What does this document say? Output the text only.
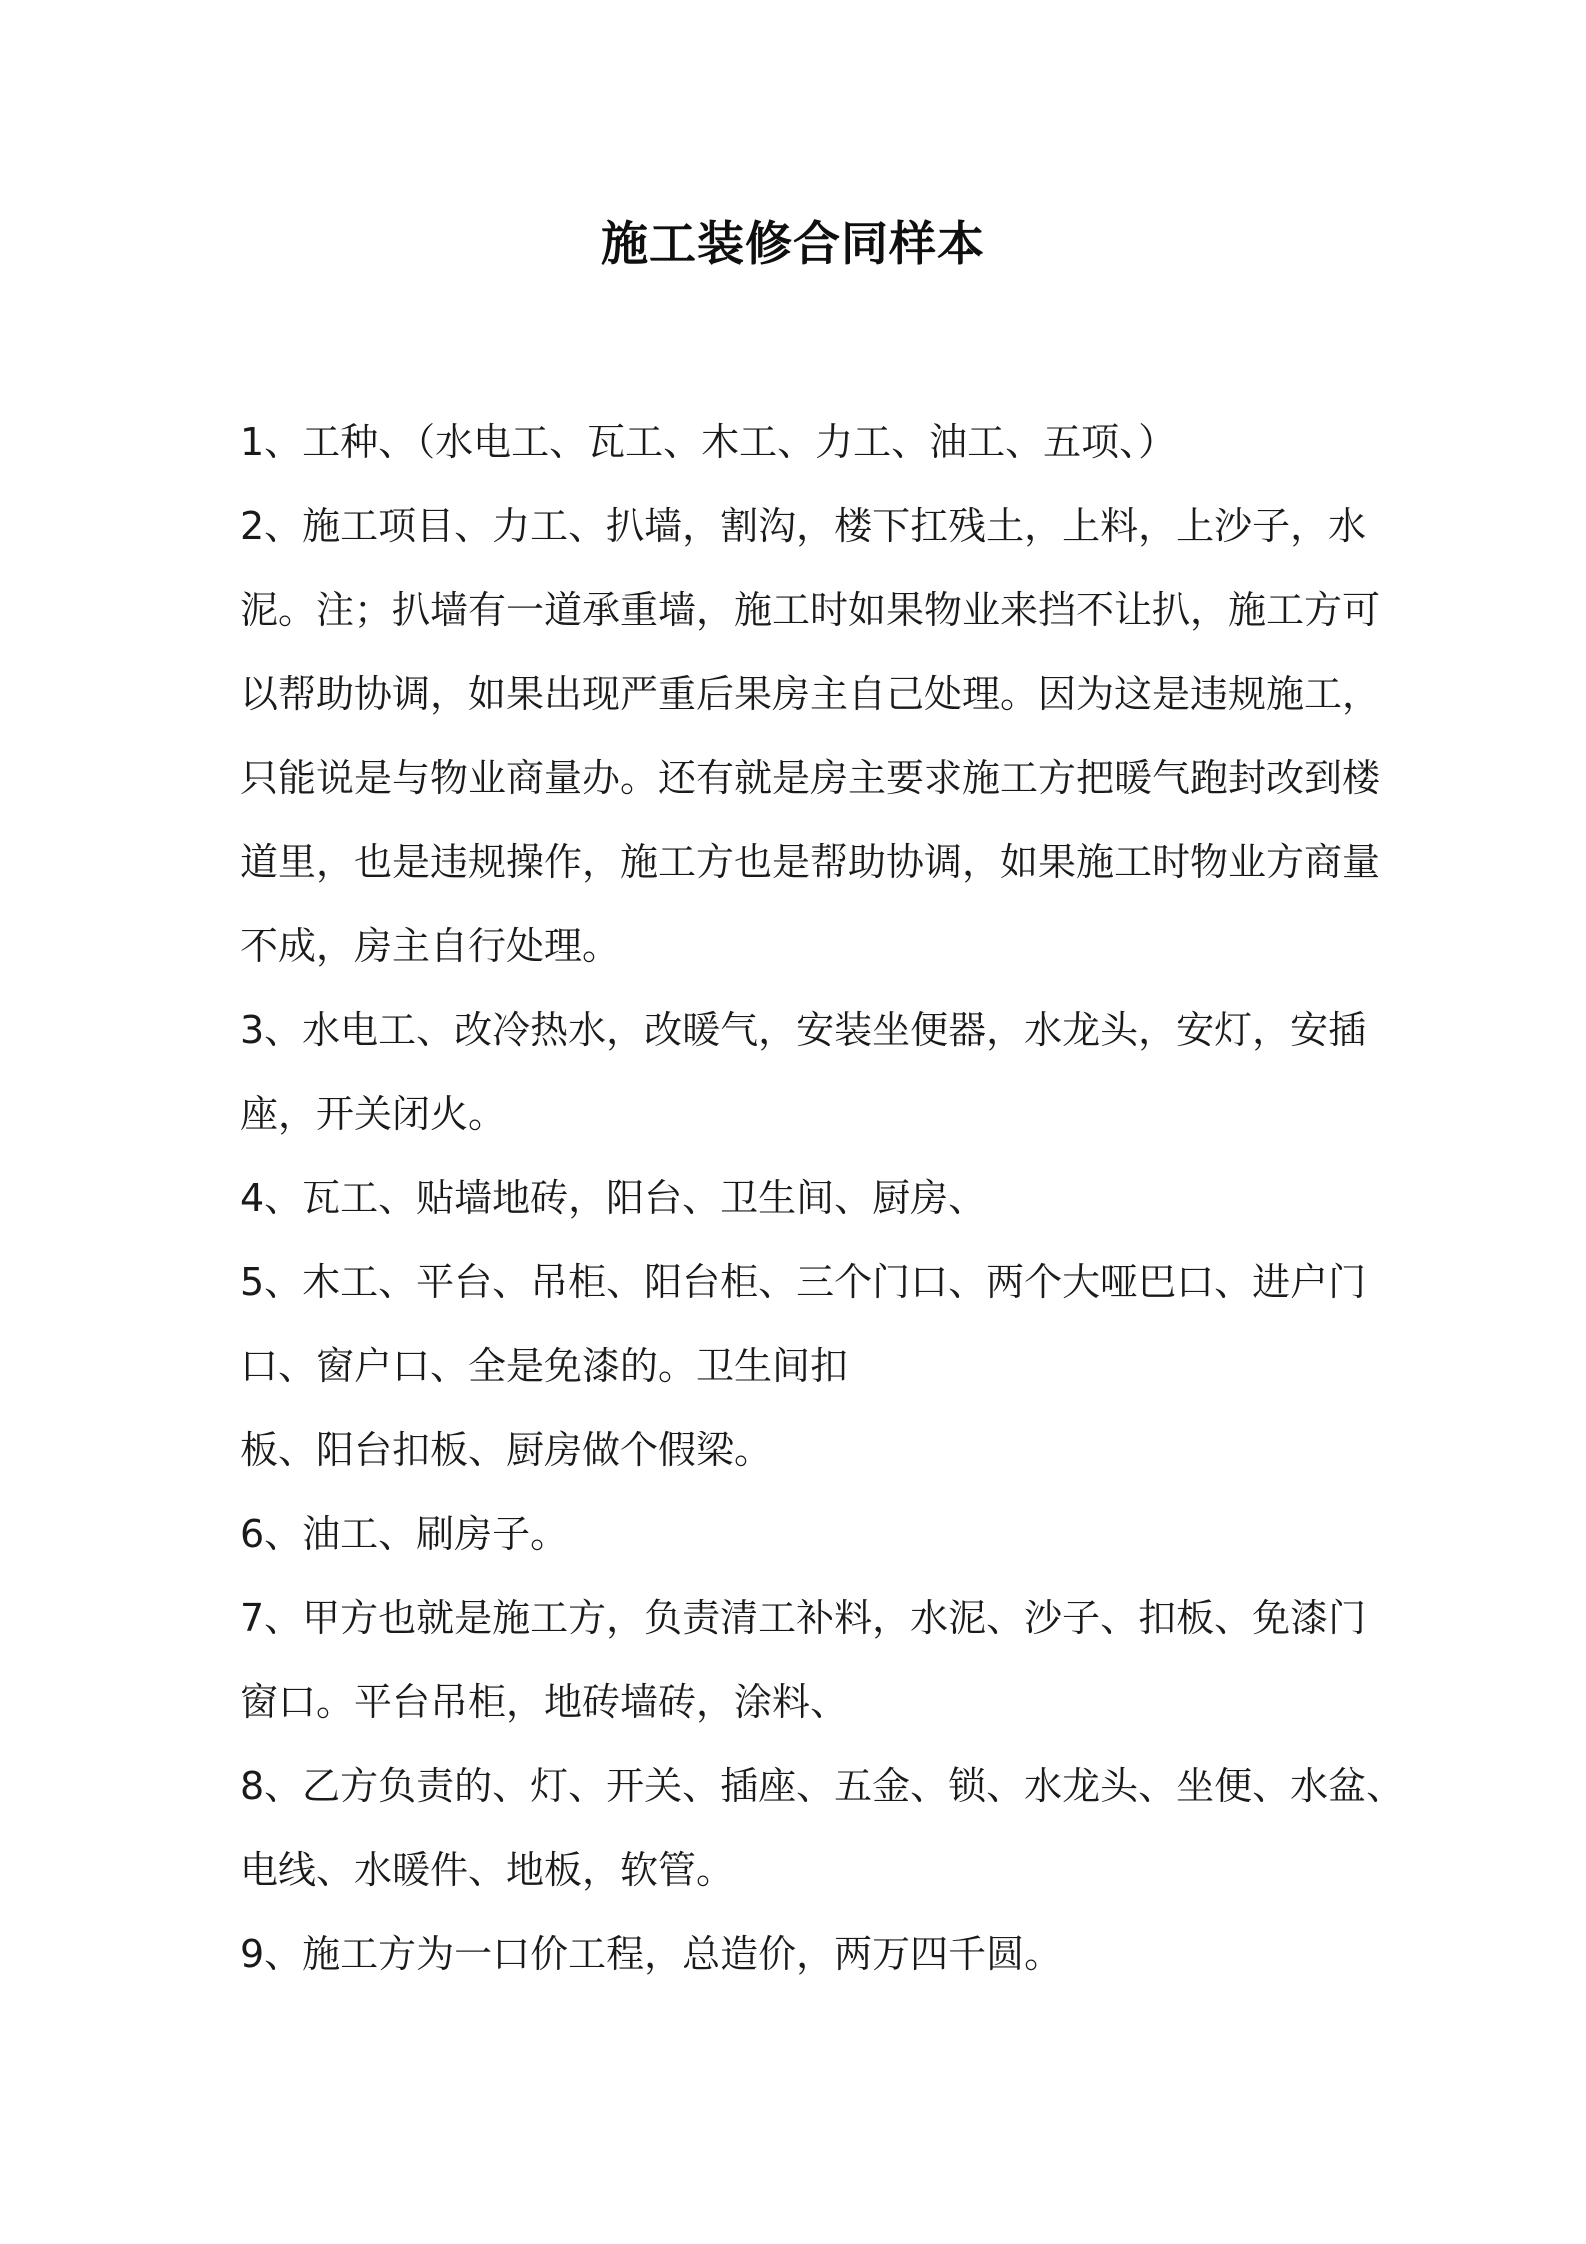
施工装修合同样本
1、工种、（水电工、瓦工、木工、力工、油工、五项、）
2、施工项目、力工、扒墙，割沟，楼下扛残土，上料，上沙子，水
泥。注；扒墙有一道承重墙，施工时如果物业来挡不让扒，施工方可
以帮助协调，如果出现严重后果房主自己处理。因为这是违规施工，
只能说是与物业商量办。还有就是房主要求施工方把暖气跑封改到楼
道里，也是违规操作，施工方也是帮助协调，如果施工时物业方商量
不成，房主自行处理。
3、水电工、改冷热水，改暖气，安装坐便器，水龙头，安灯，安插
座，开关闭火。
4、瓦工、贴墙地砖，阳台、卫生间、厨房、
5、木工、平台、吊柜、阳台柜、三个门口、两个大哑巴口、进户门
口、窗户口、全是免漆的。卫生间扣
板、阳台扣板、厨房做个假梁。
6、油工、刷房子。
7、甲方也就是施工方，负责清工补料，水泥、沙子、扣板、免漆门
窗口。平台吊柜，地砖墙砖，涂料、
8、乙方负责的、灯、开关、插座、五金、锁、水龙头、坐便、水盆、
电线、水暖件、地板，软管。
9、施工方为一口价工程，总造价，两万四千圆。
